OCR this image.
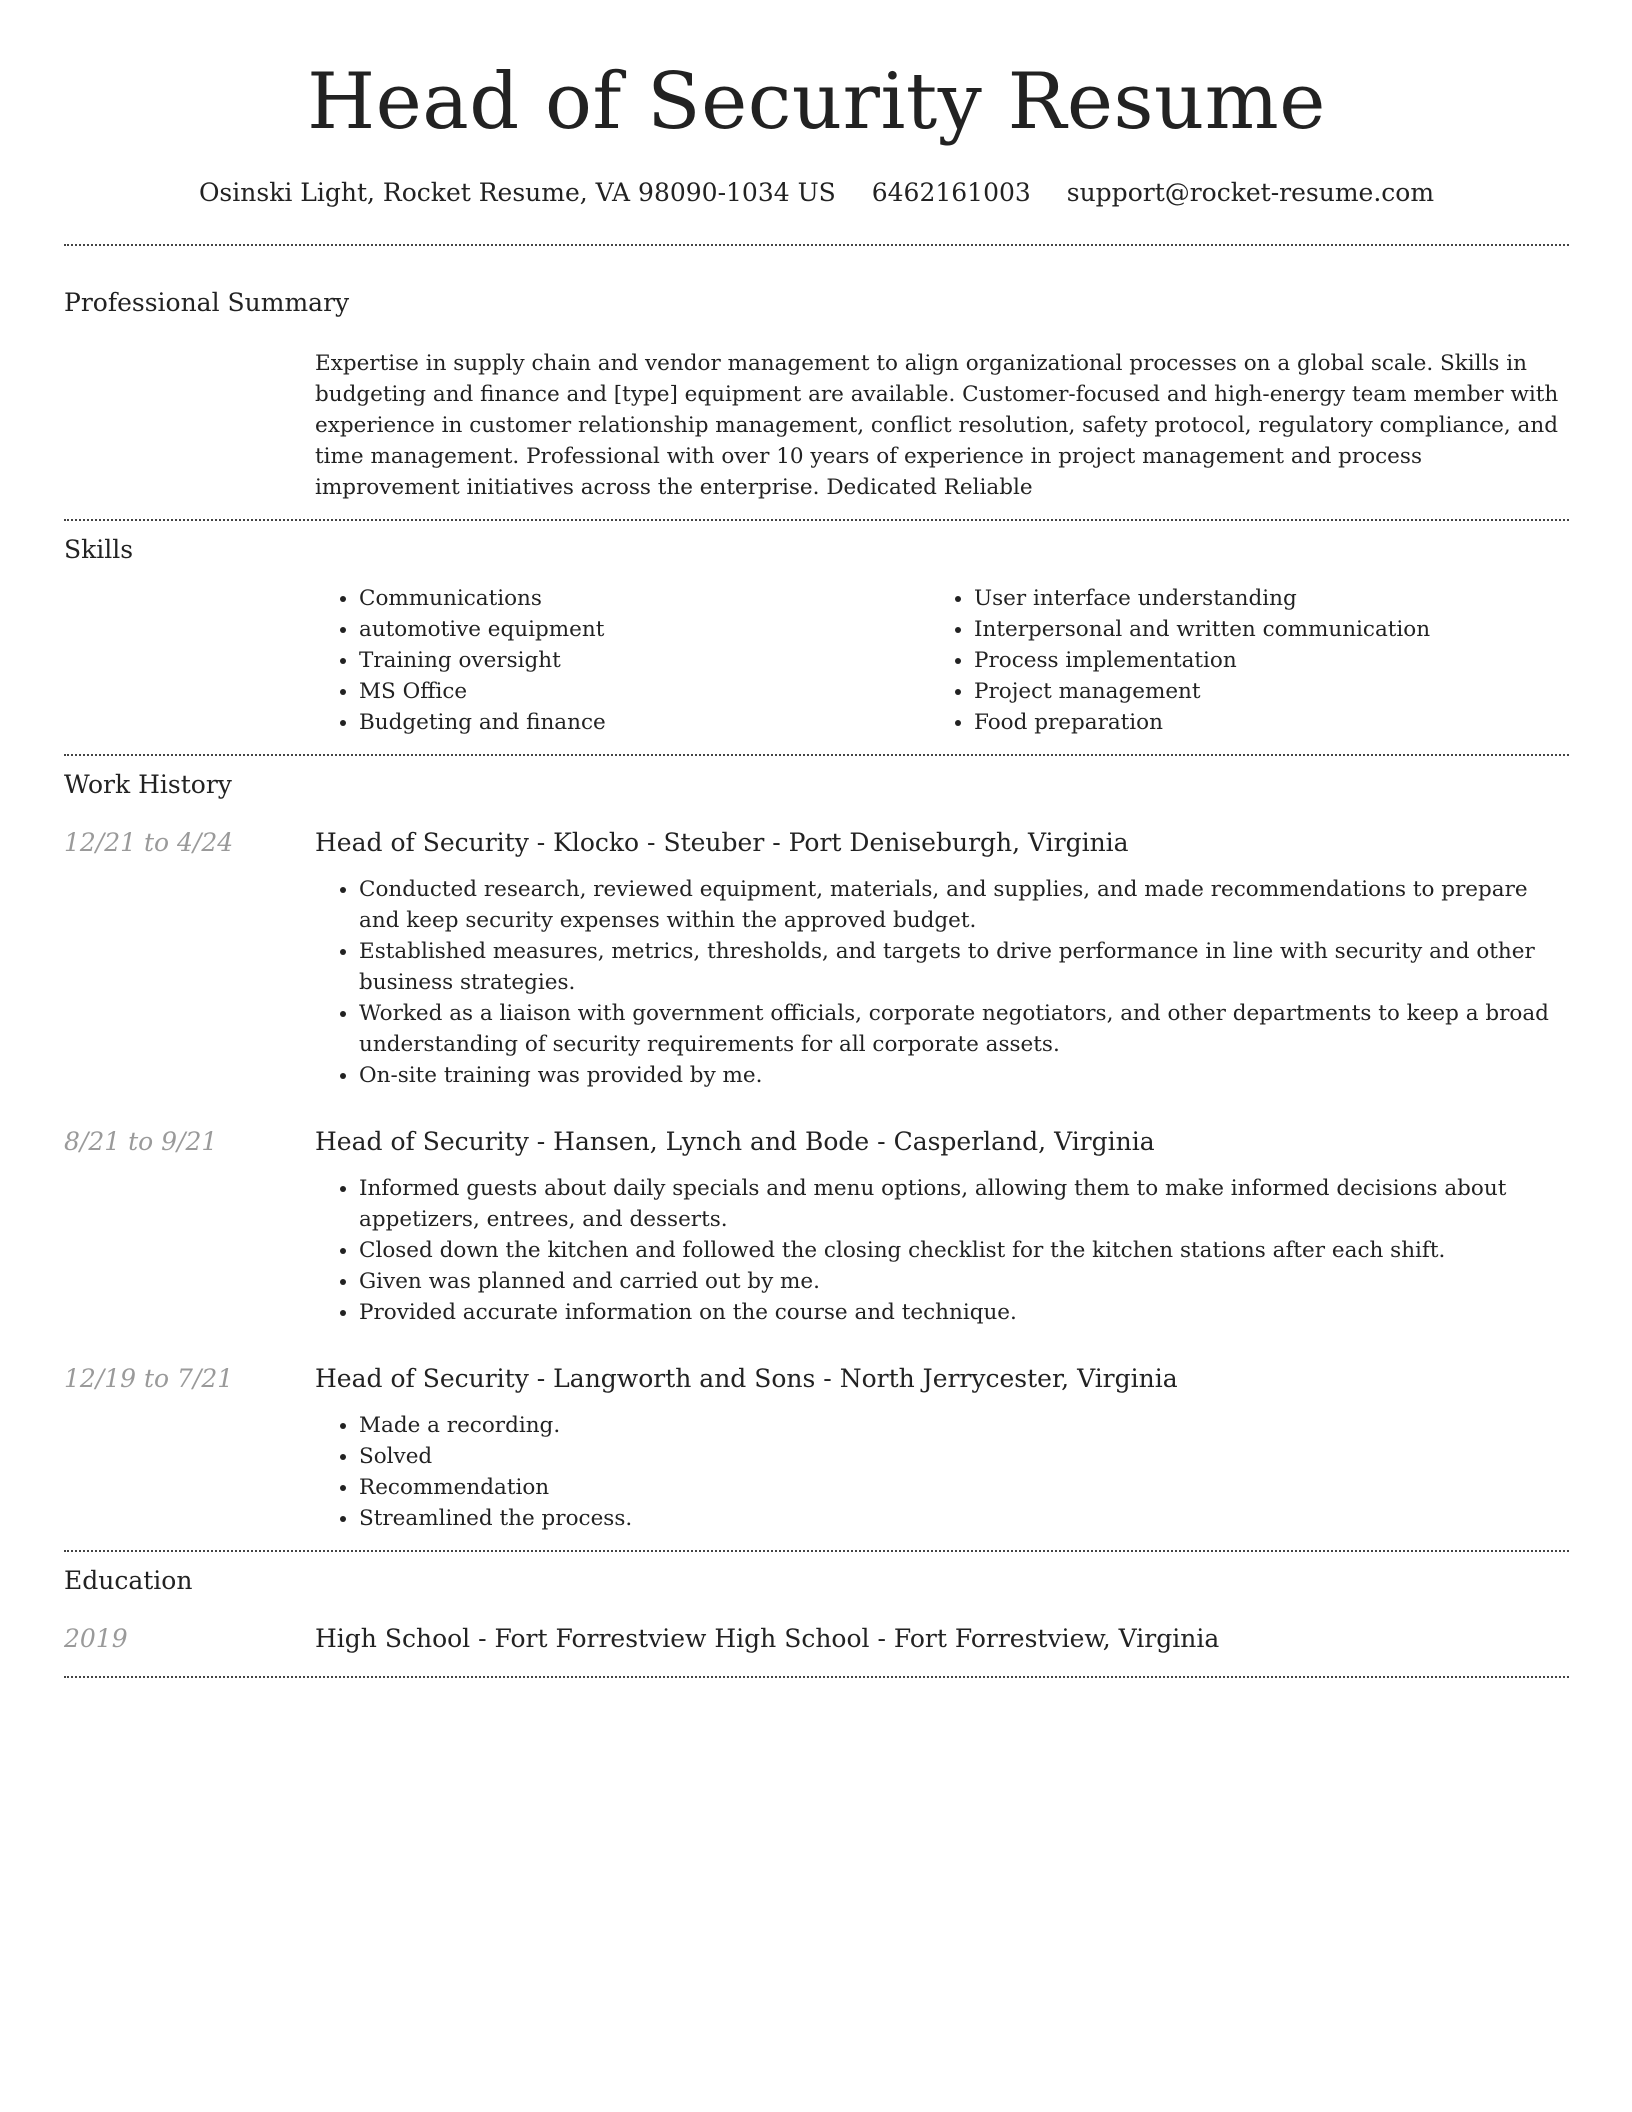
Head of Security Resume
Osinski Light, Rocket Resume, VA 98090-1034 US 6462161003 support@rocket-resume.com
Professional Summary
Expertise in supply chain and vendor management to align organizational processes on a global scale. Skills in budgeting and finance and [type] equipment are available. Customer-focused and high-energy team member with experience in customer relationship management, conflict resolution, safety protocol, regulatory compliance, and time management. Professional with over 10 years of experience in project management and process improvement initiatives across the enterprise. Dedicated Reliable
Skills
• Communications
• automotive equipment
• Training oversight
• MS Office
• Budgeting and finance
• User interface understanding
• Interpersonal and written communication
• Process implementation
• Project management
• Food preparation
Work History
12/21 to 4/24	Head of Security - Klocko - Steuber - Port Deniseburgh, Virginia
• Conducted research, reviewed equipment, materials, and supplies, and made recommendations to prepare and keep security expenses within the approved budget.
• Established measures, metrics, thresholds, and targets to drive performance in line with security and other business strategies.
• Worked as a liaison with government officials, corporate negotiators, and other departments to keep a broad understanding of security requirements for all corporate assets.
• On-site training was provided by me.
8/21 to 9/21	Head of Security - Hansen, Lynch and Bode - Casperland, Virginia
• Informed guests about daily specials and menu options, allowing them to make informed decisions about appetizers, entrees, and desserts.
• Closed down the kitchen and followed the closing checklist for the kitchen stations after each shift.
• Given was planned and carried out by me.
• Provided accurate information on the course and technique.
12/19 to 7/21	Head of Security - Langworth and Sons - North Jerrycester, Virginia
• Made a recording.
• Solved
• Recommendation
• Streamlined the process.
Education
2019	High School - Fort Forrestview High School - Fort Forrestview, Virginia
